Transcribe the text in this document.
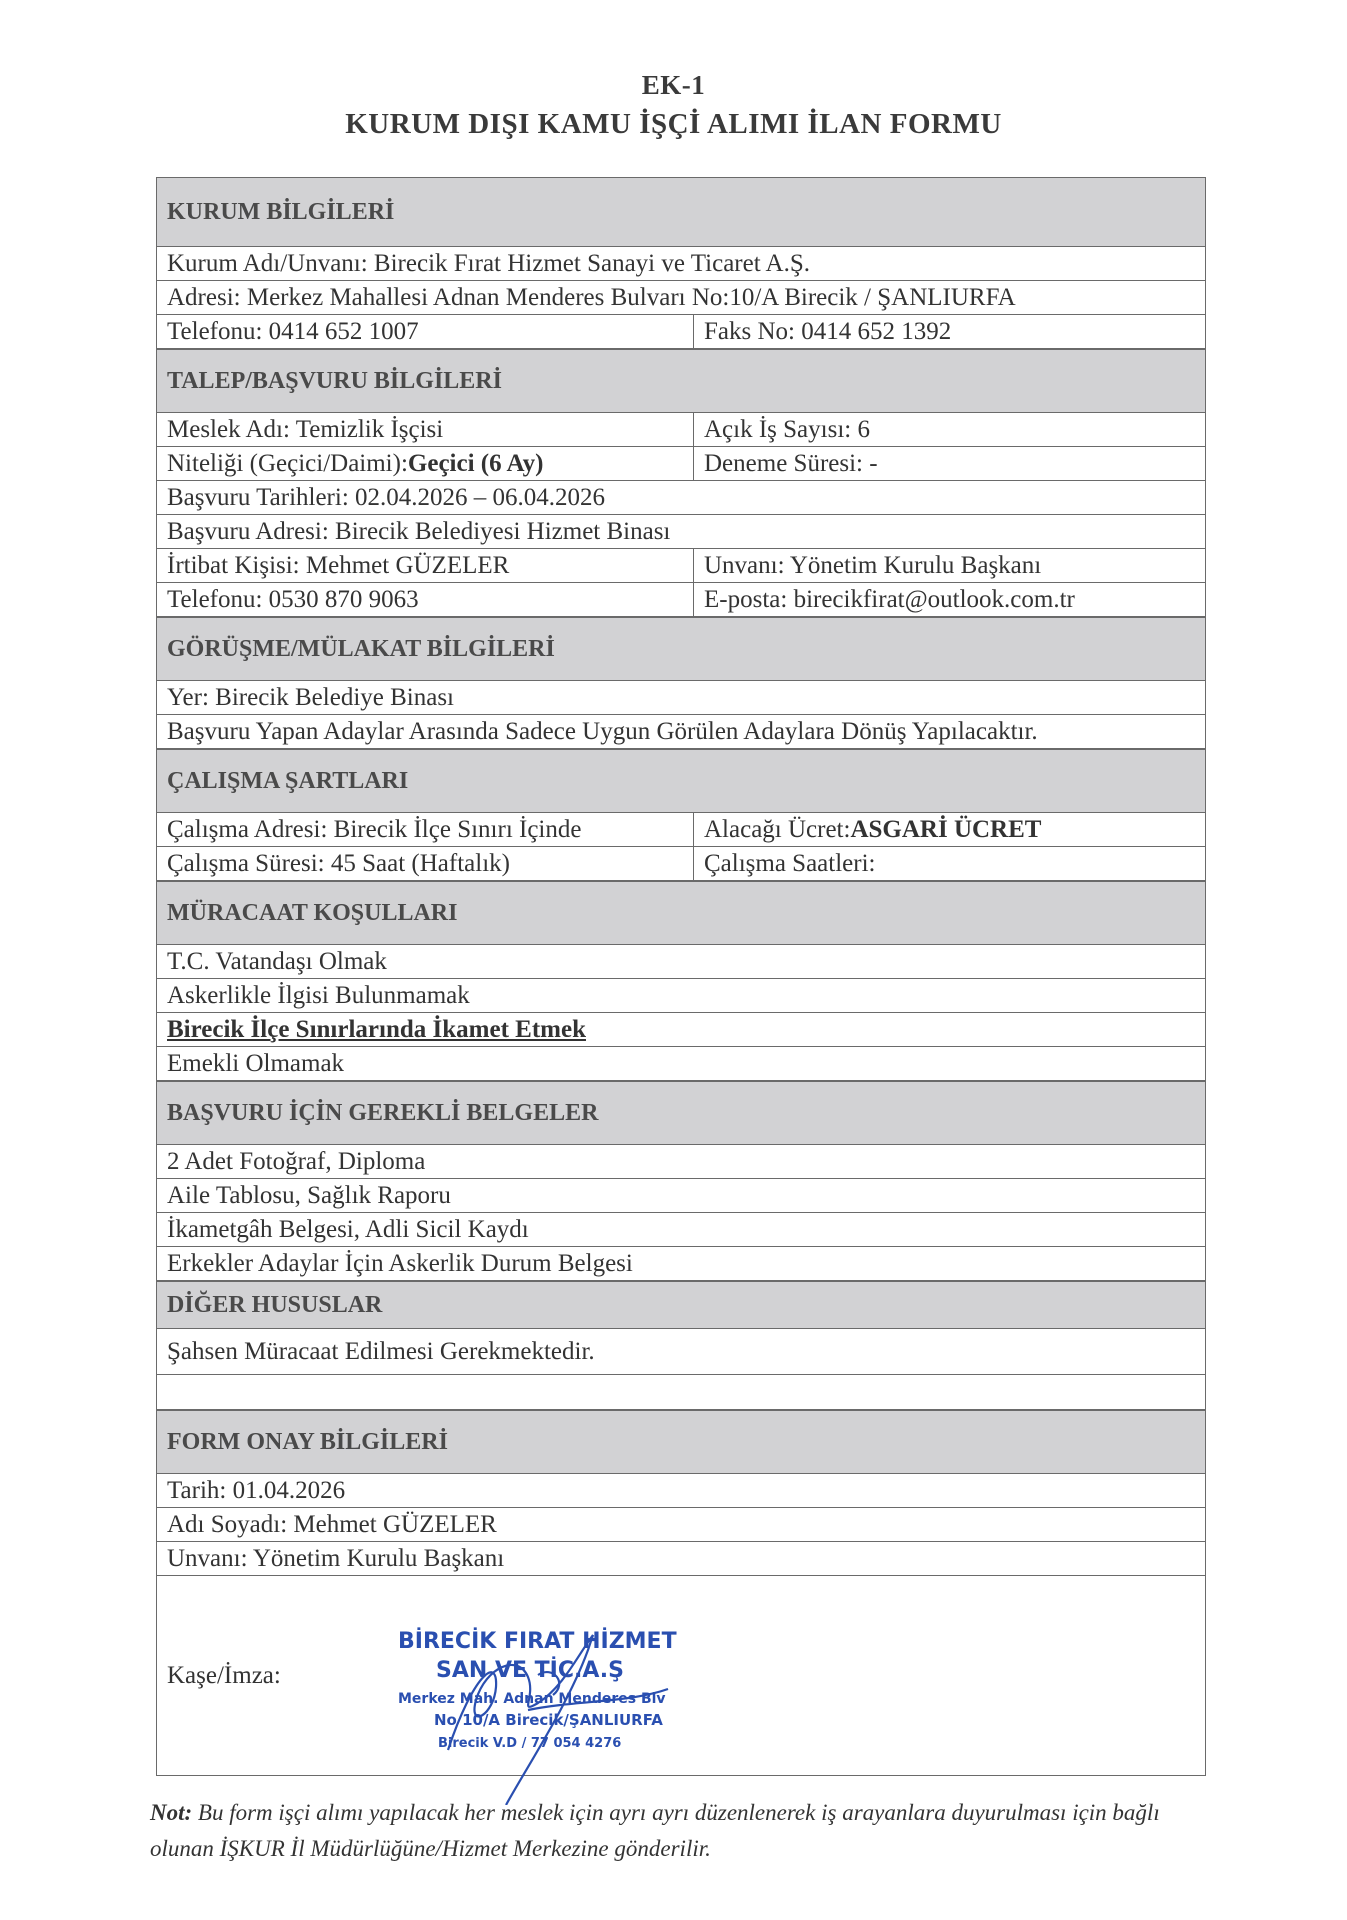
EK-1
KURUM DIŞI KAMU İŞÇİ ALIMI İLAN FORMU
KURUM BİLGİLERİ
Kurum Adı/Unvanı: Birecik Fırat Hizmet Sanayi ve Ticaret A.Ş.
Adresi: Merkez Mahallesi Adnan Menderes Bulvarı No:10/A Birecik / ŞANLIURFA
Telefonu: 0414 652 1007	Faks No: 0414 652 1392
TALEP/BAŞVURU BİLGİLERİ
Meslek Adı: Temizlik İşçisi	Açık İş Sayısı: 6
Niteliği (Geçici/Daimi): Geçici (6 Ay)	Deneme Süresi: -
Başvuru Tarihleri: 02.04.2026 – 06.04.2026
Başvuru Adresi: Birecik Belediyesi Hizmet Binası
İrtibat Kişisi: Mehmet GÜZELER	Unvanı: Yönetim Kurulu Başkanı
Telefonu: 0530 870 9063	E-posta: birecikfirat@outlook.com.tr
GÖRÜŞME/MÜLAKAT BİLGİLERİ
Yer: Birecik Belediye Binası
Başvuru Yapan Adaylar Arasında Sadece Uygun Görülen Adaylara Dönüş Yapılacaktır.
ÇALIŞMA ŞARTLARI
Çalışma Adresi: Birecik İlçe Sınırı İçinde	Alacağı Ücret: ASGARİ ÜCRET
Çalışma Süresi: 45 Saat (Haftalık)	Çalışma Saatleri:
MÜRACAAT KOŞULLARI
T.C. Vatandaşı Olmak
Askerlikle İlgisi Bulunmamak
Birecik İlçe Sınırlarında İkamet Etmek
Emekli Olmamak
BAŞVURU İÇİN GEREKLİ BELGELER
2 Adet Fotoğraf, Diploma
Aile Tablosu, Sağlık Raporu
İkametgâh Belgesi, Adli Sicil Kaydı
Erkekler Adaylar İçin Askerlik Durum Belgesi
DİĞER HUSUSLAR
Şahsen Müracaat Edilmesi Gerekmektedir.
FORM ONAY BİLGİLERİ
Tarih: 01.04.2026
Adı Soyadı: Mehmet GÜZELER
Unvanı: Yönetim Kurulu Başkanı
Kaşe/İmza:
BİRECİK FIRAT HİZMET
SAN VE TİC.A.Ş
Merkez Mah. Adnan Menderes Blv
No 10/A Birecik/ŞANLIURFA
Birecik V.D / 77 054 4276
Not: Bu form işçi alımı yapılacak her meslek için ayrı ayrı düzenlenerek iş arayanlara duyurulması için bağlı olunan İŞKUR İl Müdürlüğüne/Hizmet Merkezine gönderilir.
